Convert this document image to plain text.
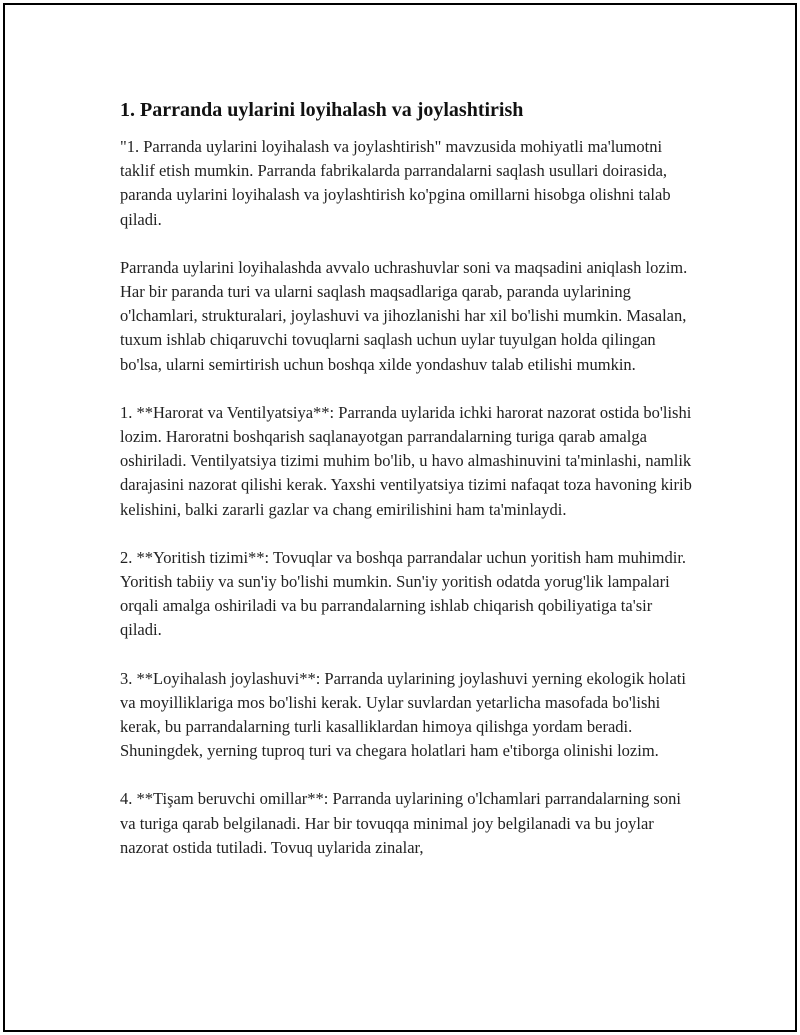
1. Parranda uylarini loyihalash va joylashtirish

"1. Parranda uylarini loyihalash va joylashtirish" mavzusida mohiyatli ma'lumotni taklif etish mumkin. Parranda fabrikalarda parrandalarni saqlash usullari doirasida, paranda uylarini loyihalash va joylashtirish ko'pgina omillarni hisobga olishni talab qiladi.

Parranda uylarini loyihalashda avvalo uchrashuvlar soni va maqsadini aniqlash lozim. Har bir paranda turi va ularni saqlash maqsadlariga qarab, paranda uylarining o'lchamlari, strukturalari, joylashuvi va jihozlanishi har xil bo'lishi mumkin. Masalan, tuxum ishlab chiqaruvchi tovuqlarni saqlash uchun uylar tuyulgan holda qilingan bo'lsa, ularni semirtirish uchun boshqa xilde yondashuv talab etilishi mumkin.

1. **Harorat va Ventilyatsiya**: Parranda uylarida ichki harorat nazorat ostida bo'lishi lozim. Haroratni boshqarish saqlanayotgan parrandalarning turiga qarab amalga oshiriladi. Ventilyatsiya tizimi muhim bo'lib, u havo almashinuvini ta'minlashi, namlik darajasini nazorat qilishi kerak. Yaxshi ventilyatsiya tizimi nafaqat toza havoning kirib kelishini, balki zararli gazlar va chang emirilishini ham ta'minlaydi.

2. **Yoritish tizimi**: Tovuqlar va boshqa parrandalar uchun yoritish ham muhimdir. Yoritish tabiiy va sun'iy bo'lishi mumkin. Sun'iy yoritish odatda yorug'lik lampalari orqali amalga oshiriladi va bu parrandalarning ishlab chiqarish qobiliyatiga ta'sir qiladi.

3. **Loyihalash joylashuvi**: Parranda uylarining joylashuvi yerning ekologik holati va moyilliklariga mos bo'lishi kerak. Uylar suvlardan yetarlicha masofada bo'lishi kerak, bu parrandalarning turli kasalliklardan himoya qilishga yordam beradi. Shuningdek, yerning tuproq turi va chegara holatlari ham e'tiborga olinishi lozim.

4. **Tişam beruvchi omillar**: Parranda uylarining o'lchamlari parrandalarning soni va turiga qarab belgilanadi. Har bir tovuqqa minimal joy belgilanadi va bu joylar nazorat ostida tutiladi. Tovuq uylarida zinalar,
